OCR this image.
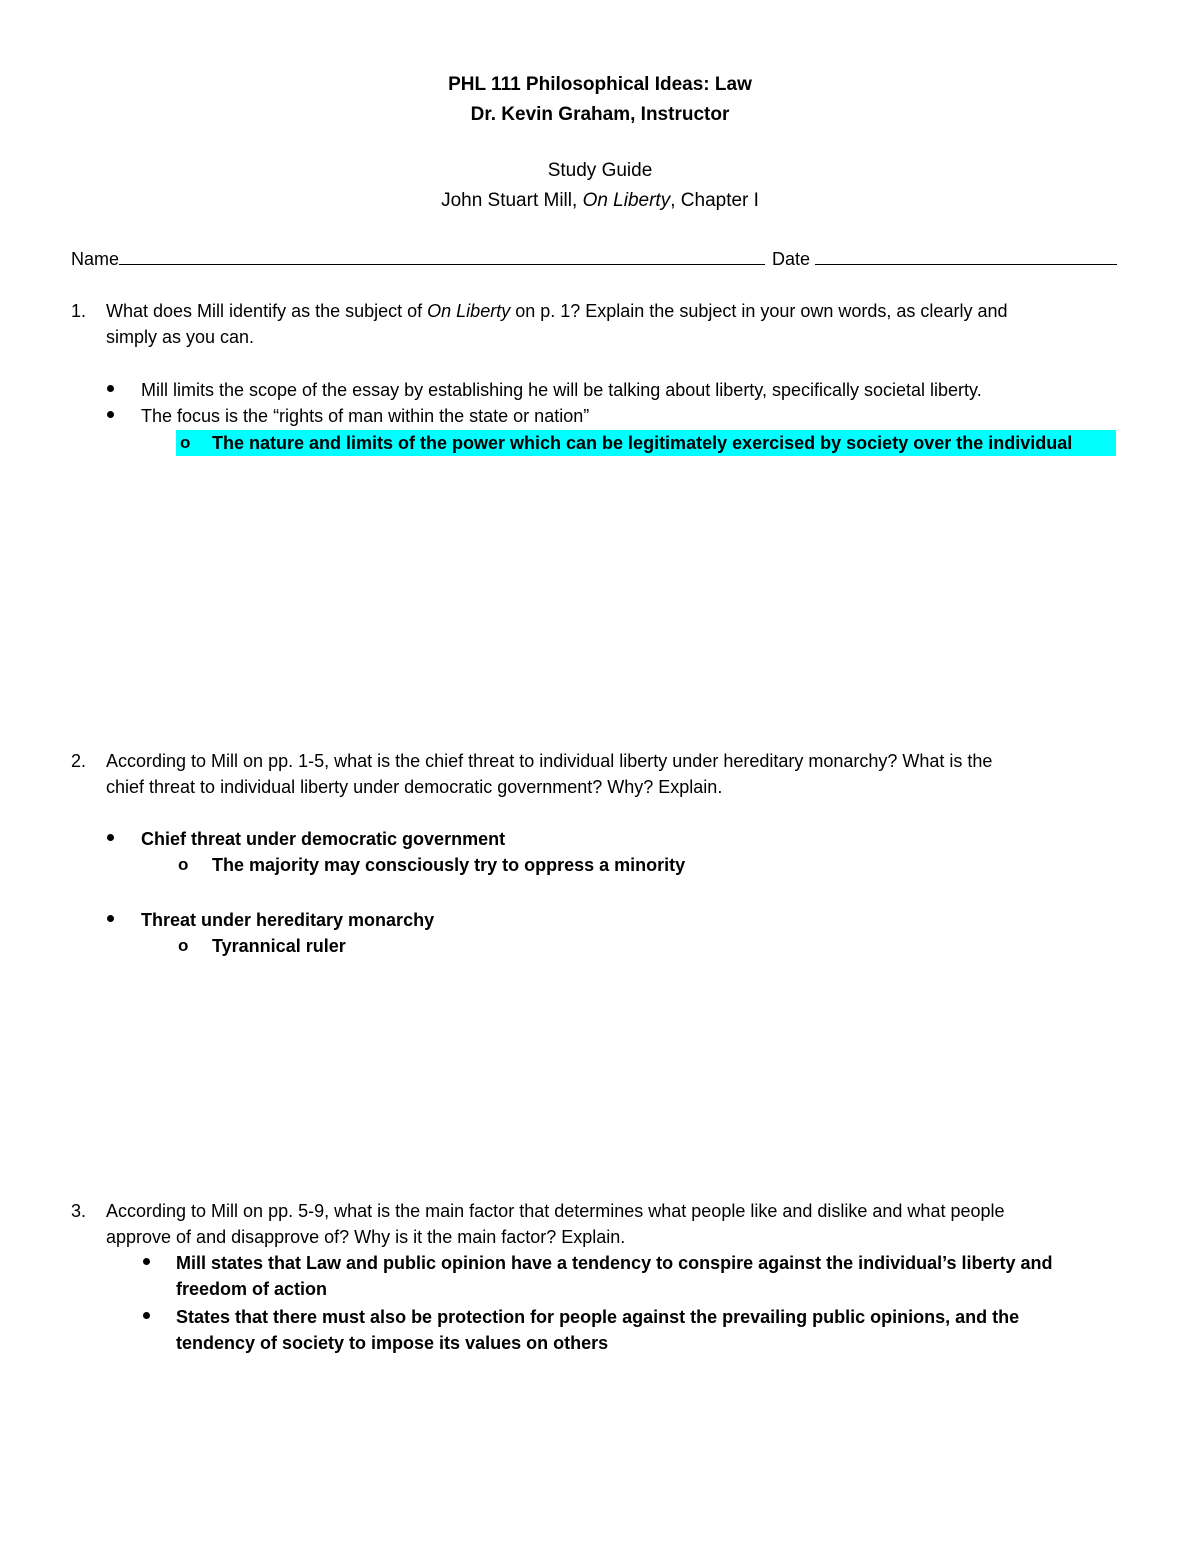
PHL 111 Philosophical Ideas: Law
Dr. Kevin Graham, Instructor
Study Guide
John Stuart Mill, On Liberty, Chapter I
Name	Date
1. What does Mill identify as the subject of On Liberty on p. 1? Explain the subject in your own words, as clearly and
simply as you can.
Mill limits the scope of the essay by establishing he will be talking about liberty, specifically societal liberty.
The focus is the “rights of man within the state or nation”
o The nature and limits of the power which can be legitimately exercised by society over the individual
2. According to Mill on pp. 1-5, what is the chief threat to individual liberty under hereditary monarchy? What is the
chief threat to individual liberty under democratic government? Why? Explain.
Chief threat under democratic government
o The majority may consciously try to oppress a minority
Threat under hereditary monarchy
o Tyrannical ruler
3. According to Mill on pp. 5-9, what is the main factor that determines what people like and dislike and what people
approve of and disapprove of? Why is it the main factor? Explain.
Mill states that Law and public opinion have a tendency to conspire against the individual’s liberty and
freedom of action
States that there must also be protection for people against the prevailing public opinions, and the
tendency of society to impose its values on others
